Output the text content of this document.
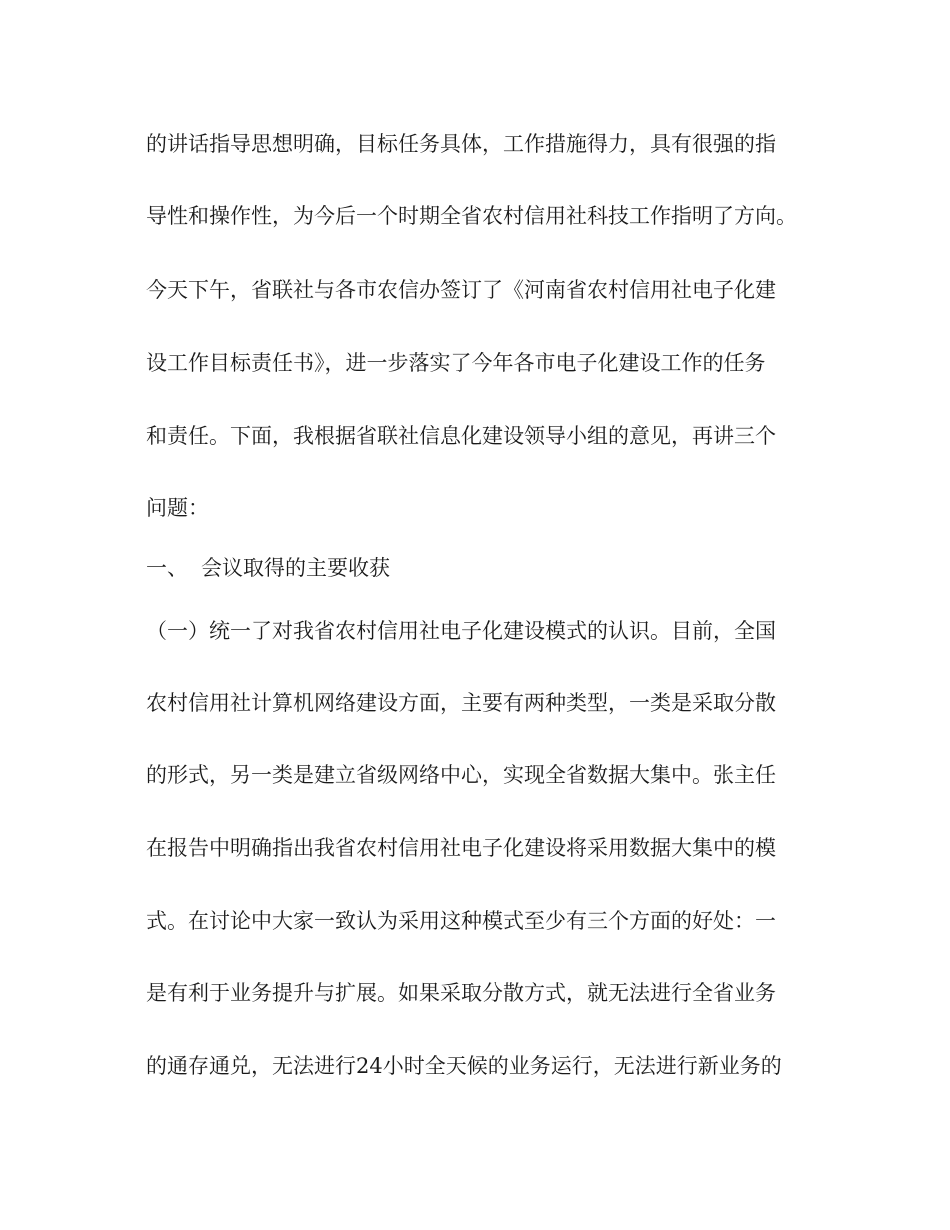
的讲话指导思想明确，目标任务具体，工作措施得力，具有很强的指
导性和操作性，为今后一个时期全省农村信用社科技工作指明了方向。
今天下午，省联社与各市农信办签订了《河南省农村信用社电子化建
设工作目标责任书》，进一步落实了今年各市电子化建设工作的任务
和责任。下面，我根据省联社信息化建设领导小组的意见，再讲三个
问题：
一、 会议取得的主要收获
（一）统一了对我省农村信用社电子化建设模式的认识。目前，全国
农村信用社计算机网络建设方面，主要有两种类型，一类是采取分散
的形式，另一类是建立省级网络中心，实现全省数据大集中。张主任
在报告中明确指出我省农村信用社电子化建设将采用数据大集中的模
式。在讨论中大家一致认为采用这种模式至少有三个方面的好处：一
是有利于业务提升与扩展。如果采取分散方式，就无法进行全省业务
的通存通兑，无法进行24小时全天候的业务运行，无法进行新业务的
